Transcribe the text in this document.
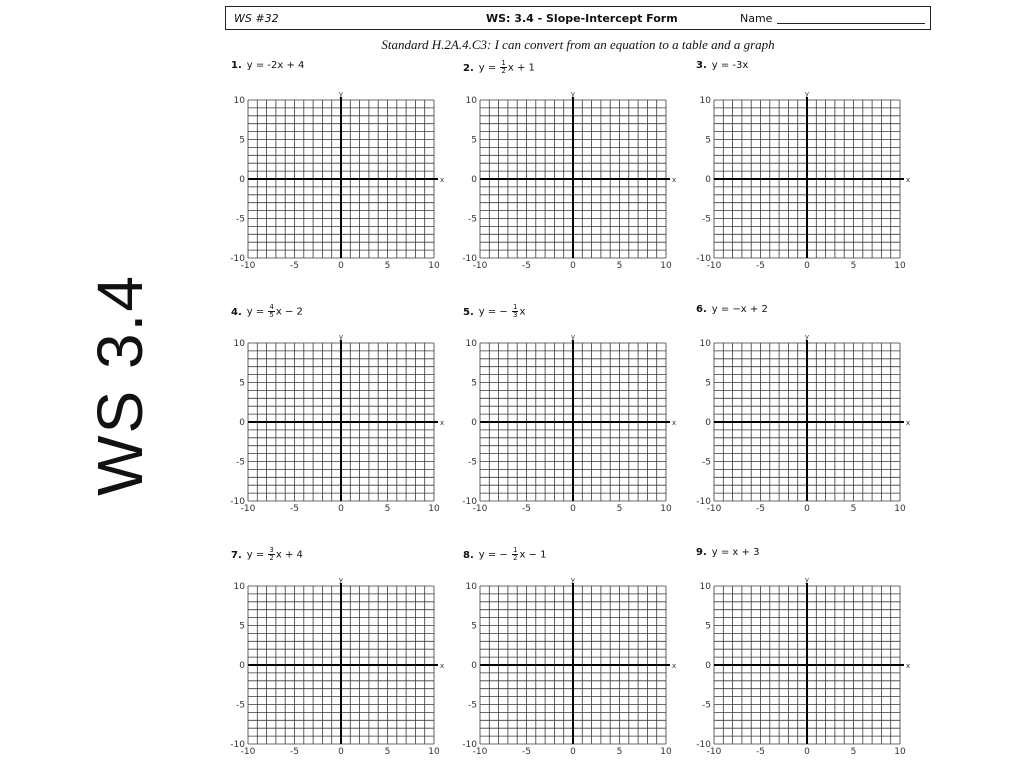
WS 3.4
WS #32	WS: 3.4 - Slope-Intercept Form	Name
Standard H.2A.4.C3: I can convert from an equation to a table and a graph
1. y = -2x + 4
x
y
-10	-5	0	5	10
10
5
0
-5
-10
2. $y = \frac{1}{2}$ x + 1
x
y
-10	-5	0	5	10
10
5
0
-5
-10
3. y = -3x
x
y
-10	-5	0	5	10
10
5
0
-5
-10
4. $y = \frac{4}{5}$ x − 2
x
y
-10	-5	0	5	10
10
5
0
-5
-10
5. y = − $\frac{1}{3}$ x
x
y
-10	-5	0	5	10
10
5
0
-5
-10
6. y = −x + 2
x
y
-10	-5	0	5	10
10
5
0
-5
-10
7. $y = \frac{3}{2}$ x + 4
x
y
-10	-5	0	5	10
10
5
0
-5
-10
8. y = − $\frac{1}{2}$ x − 1
x
y
-10	-5	0	5	10
10
5
0
-5
-10
9. y = x + 3
x
y
-10	-5	0	5	10
10
5
0
-5
-10
